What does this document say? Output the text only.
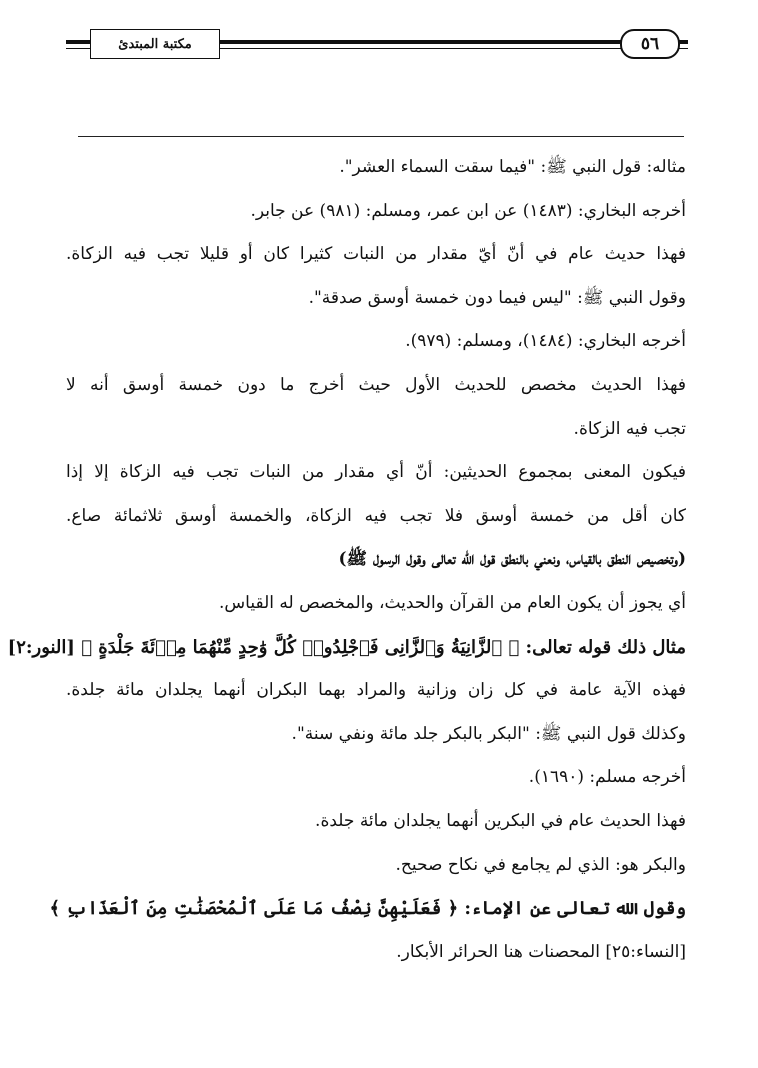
مكتبة المبتدئ	٥٦
مثاله: قول النبي ﷺ: "فيما سقت السماء العشر".
أخرجه البخاري: (١٤٨٣) عن ابن عمر، ومسلم: (٩٨١) عن جابر.
فهذا حديث عام في أنّ أيّ مقدار من النبات كثيرا كان أو قليلا تجب فيه الزكاة.
وقول النبي ﷺ: "ليس فيما دون خمسة أوسق صدقة".
أخرجه البخاري: (١٤٨٤)، ومسلم: (٩٧٩).
فهذا الحديث مخصص للحديث الأول حيث أخرج ما دون خمسة أوسق أنه لا
تجب فيه الزكاة.
فيكون المعنى بمجموع الحديثين: أنّ أي مقدار من النبات تجب فيه الزكاة إلا إذا
كان أقل من خمسة أوسق فلا تجب فيه الزكاة، والخمسة أوسق ثلاثمائة صاع.
(وتخصيص النطق بالقياس، ونعني بالنطق قول الله تعالى وقول الرسول ﷺ)
أي يجوز أن يكون العام من القرآن والحديث، والمخصص له القياس.
مثال ذلك قوله تعالى: ﴿ ٱلزَّانِيَةُ وَٱلزَّانِى فَٱجْلِدُوا۟ كُلَّ وَٰحِدٍ مِّنْهُمَا مِا۟ئَةَ جَلْدَةٍ ﴾ [النور:٢]
فهذه الآية عامة في كل زان وزانية والمراد بهما البكران أنهما يجلدان مائة جلدة.
وكذلك قول النبي ﷺ: "البكر بالبكر جلد مائة ونفي سنة".
أخرجه مسلم: (١٦٩٠).
فهذا الحديث عام في البكرين أنهما يجلدان مائة جلدة.
والبكر هو: الذي لم يجامع في نكاح صحيح.
وقول الله تعالى عن الإماء: ﴿ فَعَلَيْهِنَّ نِصْفُ مَا عَلَى ٱلْمُحْصَنَٰتِ مِنَ ٱلْعَذَابِ ﴾
[النساء:٢٥] المحصنات هنا الحرائر الأبكار.
